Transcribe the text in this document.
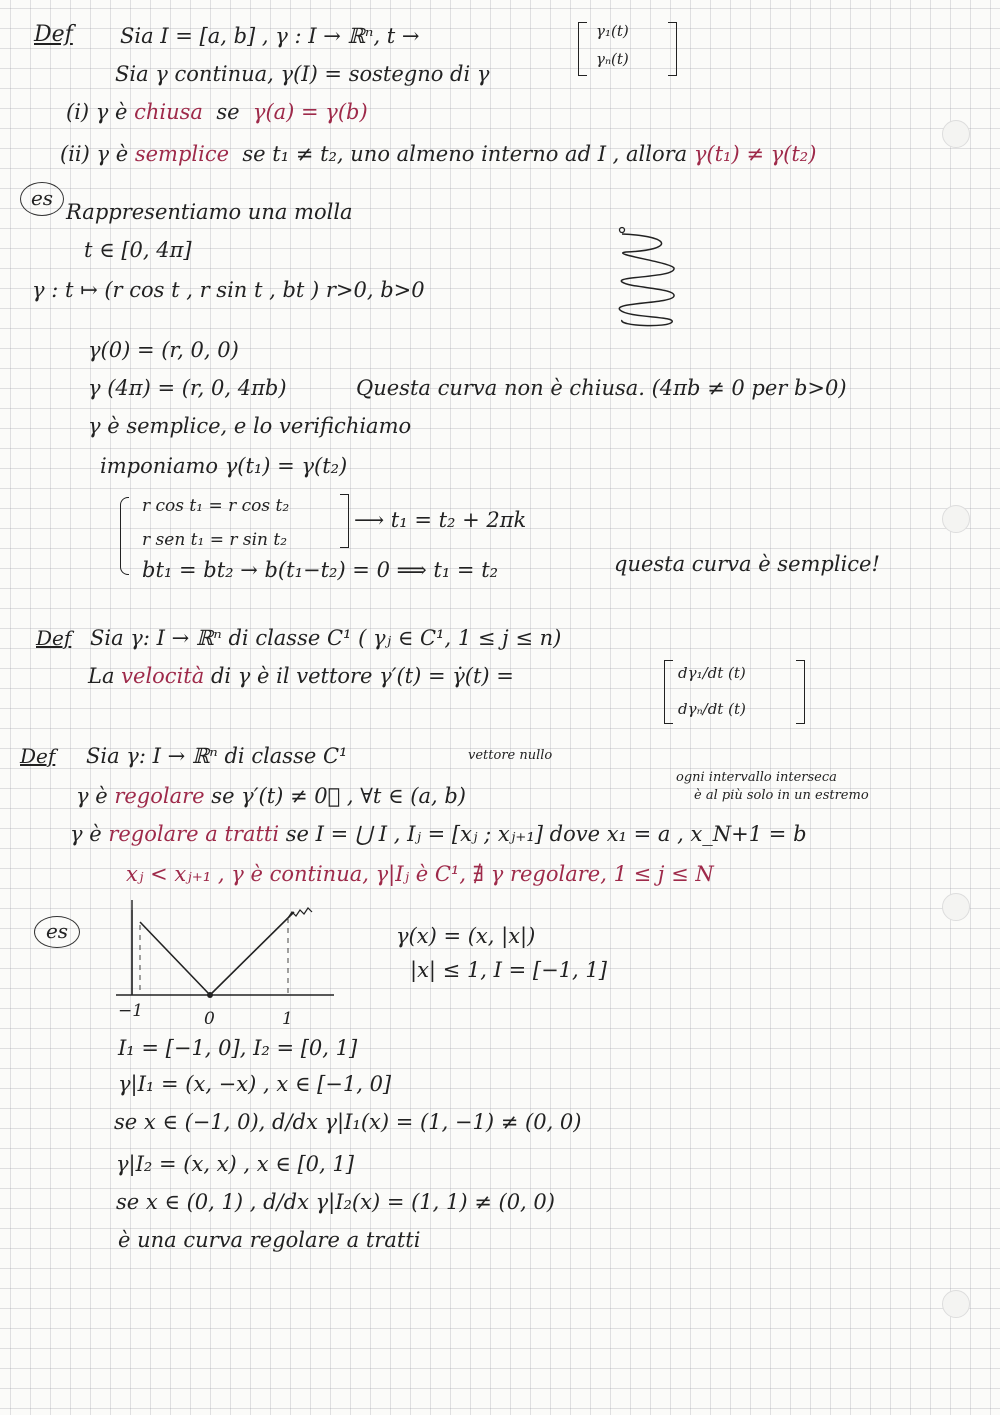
Def Sia I = [a, b] , γ : I → ℝⁿ, t →	γ₁(t)
γₙ(t)
Sia γ continua, γ(I) = sostegno di γ
(i) γ è chiusa se γ(a) = γ(b)
(ii) γ è semplice se t₁ ≠ t₂, uno almeno interno ad I , allora γ(t₁) ≠ γ(t₂)
es
Rappresentiamo una molla
t ∈ [0, 4π]
γ : t ↦ (r cos t , r sin t , bt ) r>0, b>0
γ(0) = (r, 0, 0)
γ (4π) = (r, 0, 4πb)	Questa curva non è chiusa. (4πb ≠ 0 per b>0)
γ è semplice, e lo verifichiamo
imponiamo γ(t₁) = γ(t₂)
r cos t₁ = r cos t₂
r sen t₁ = r sin t₂
⟶ t₁ = t₂ + 2πk
bt₁ = bt₂ → b(t₁−t₂) = 0 ⟹ t₁ = t₂	questa curva è semplice!
Def Sia γ: I → ℝⁿ di classe C¹ ( γⱼ ∈ C¹, 1 ≤ j ≤ n)
La velocità di γ è il vettore γ′(t) = γ̇(t) =	dγ₁/dt (t)
dγₙ/dt (t)
Def Sia γ: I → ℝⁿ di classe C¹	vettore nullo
ogni intervallo interseca
è al più solo in un estremo
γ è regolare se γ′(t) ≠ 0⃗ , ∀t ∈ (a, b)
γ è regolare a tratti se I = ⋃ I , Iⱼ = [xⱼ ; xⱼ₊₁] dove x₁ = a , x_N+1 = b
xⱼ < xⱼ₊₁ , γ è continua, γ|Iⱼ è C¹, ∄ γ regolare, 1 ≤ j ≤ N
es
−1	0	1
γ(x) = (x, |x|)
|x| ≤ 1, I = [−1, 1]
I₁ = [−1, 0], I₂ = [0, 1]
γ|I₁ = (x, −x) , x ∈ [−1, 0]
se x ∈ (−1, 0), d/dx γ|I₁(x) = (1, −1) ≠ (0, 0)
γ|I₂ = (x, x) , x ∈ [0, 1]
se x ∈ (0, 1) , d/dx γ|I₂(x) = (1, 1) ≠ (0, 0)
è una curva regolare a tratti
